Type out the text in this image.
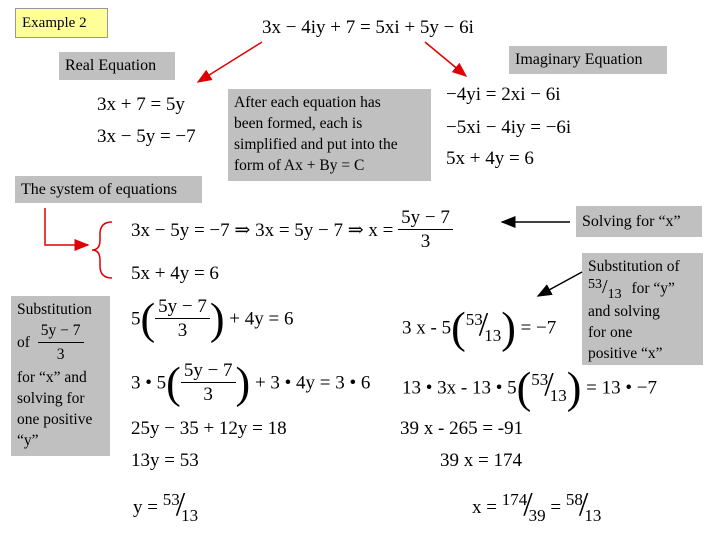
Example 2
Real Equation	Imaginary Equation
The system of equations
Solving for “x”
After each equation has
been formed, each is
simplified and put into the
form of Ax + By = C
Substitution
of $\frac{5y - 7}{3}$
for “x” and
solving for
one positive
“y”
Substitution of
53/13 for “y”
and solving
for one
positive “x”
3x − 4iy + 7 = 5xi + 5y − 6i
3x + 7 = 5y
3x − 5y = −7
−4yi = 2xi − 6i
−5xi − 4iy = −6i
5x + 4y = 6
3x − 5y = −7 ⇒ 3x = 5y − 7 ⇒ $x = \frac{5y - 7}{3}$
5x + 4y = 6
$5( \frac{5y - 7}{3}$ ) + 4y = 6
3 • $5( \frac{5y - 7}{3}$ ) + 3 • 4y = 3 • 6
25y − 35 + 12y = 18
13y = 53
y = 53/13
3 x - 5(53/13) = −7
13 • 3x - 13 • 5(53/13) = 13 • −7
39 x - 265 = -91
39 x = 174
x = 174/39 = 58/13
